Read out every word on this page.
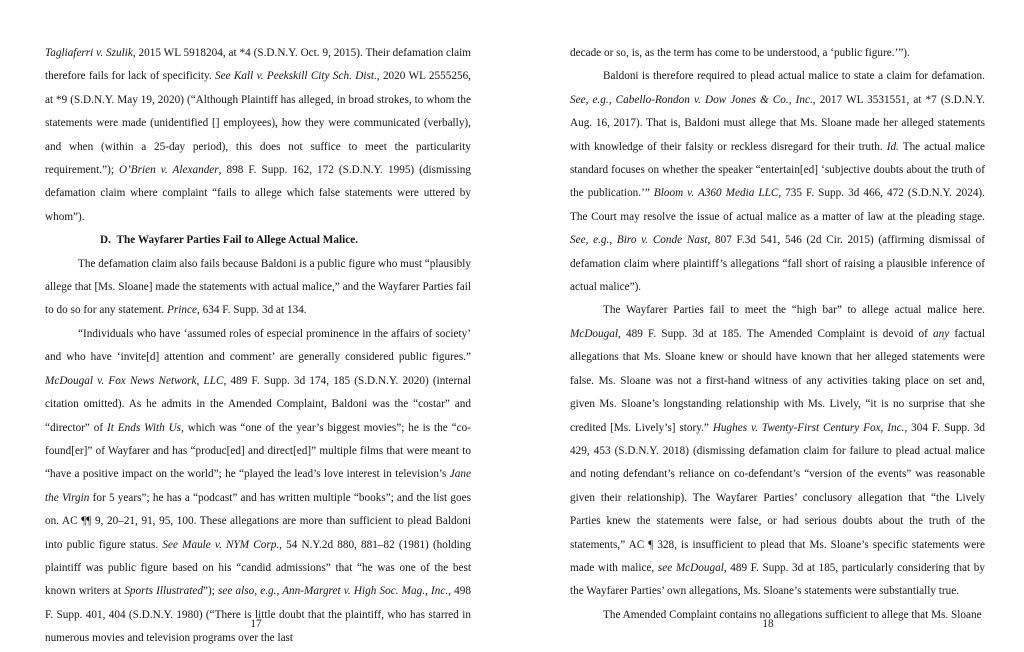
Tagliaferri v. Szulik, 2015 WL 5918204, at *4 (S.D.N.Y. Oct. 9, 2015). Their defamation claim therefore fails for lack of specificity. See Kall v. Peekskill City Sch. Dist., 2020 WL 2555256, at *9 (S.D.N.Y. May 19, 2020) (“Although Plaintiff has alleged, in broad strokes, to whom the statements were made (unidentified [] employees), how they were communicated (verbally), and when (within a 25-day period), this does not suffice to meet the particularity requirement.”); O’Brien v. Alexander, 898 F. Supp. 162, 172 (S.D.N.Y. 1995) (dismissing defamation claim where complaint “fails to allege which false statements were uttered by whom”).

D.  The Wayfarer Parties Fail to Allege Actual Malice.

The defamation claim also fails because Baldoni is a public figure who must “plausibly allege that [Ms. Sloane] made the statements with actual malice,” and the Wayfarer Parties fail to do so for any statement. Prince, 634 F. Supp. 3d at 134.

“Individuals who have ‘assumed roles of especial prominence in the affairs of society’ and who have ‘invite[d] attention and comment’ are generally considered public figures.” McDougal v. Fox News Network, LLC, 489 F. Supp. 3d 174, 185 (S.D.N.Y. 2020) (internal citation omitted). As he admits in the Amended Complaint, Baldoni was the “costar” and “director” of It Ends With Us, which was “one of the year’s biggest movies”; he is the “co-found[er]” of Wayfarer and has “produc[ed] and direct[ed]” multiple films that were meant to “have a positive impact on the world”; he “played the lead’s love interest in television’s Jane the Virgin for 5 years”; he has a “podcast” and has written multiple “books”; and the list goes on. AC ¶¶ 9, 20–21, 91, 95, 100. These allegations are more than sufficient to plead Baldoni into public figure status. See Maule v. NYM Corp., 54 N.Y.2d 880, 881–82 (1981) (holding plaintiff was public figure based on his “candid admissions” that “he was one of the best known writers at Sports Illustrated”); see also, e.g., Ann-Margret v. High Soc. Mag., Inc., 498 F. Supp. 401, 404 (S.D.N.Y. 1980) (“There is little doubt that the plaintiff, who has starred in numerous movies and television programs over the last

17

decade or so, is, as the term has come to be understood, a ‘public figure.’”).

Baldoni is therefore required to plead actual malice to state a claim for defamation. See, e.g., Cabello-Rondon v. Dow Jones & Co., Inc., 2017 WL 3531551, at *7 (S.D.N.Y. Aug. 16, 2017). That is, Baldoni must allege that Ms. Sloane made her alleged statements with knowledge of their falsity or reckless disregard for their truth. Id. The actual malice standard focuses on whether the speaker “entertain[ed] ‘subjective doubts about the truth of the publication.’” Bloom v. A360 Media LLC, 735 F. Supp. 3d 466, 472 (S.D.N.Y. 2024). The Court may resolve the issue of actual malice as a matter of law at the pleading stage. See, e.g., Biro v. Conde Nast, 807 F.3d 541, 546 (2d Cir. 2015) (affirming dismissal of defamation claim where plaintiff’s allegations “fall short of raising a plausible inference of actual malice”).

The Wayfarer Parties fail to meet the “high bar” to allege actual malice here. McDougal, 489 F. Supp. 3d at 185. The Amended Complaint is devoid of any factual allegations that Ms. Sloane knew or should have known that her alleged statements were false. Ms. Sloane was not a first-hand witness of any activities taking place on set and, given Ms. Sloane’s longstanding relationship with Ms. Lively, “it is no surprise that she credited [Ms. Lively’s] story.” Hughes v. Twenty-First Century Fox, Inc., 304 F. Supp. 3d 429, 453 (S.D.N.Y. 2018) (dismissing defamation claim for failure to plead actual malice and noting defendant’s reliance on co-defendant’s “version of the events” was reasonable given their relationship). The Wayfarer Parties’ conclusory allegation that “the Lively Parties knew the statements were false, or had serious doubts about the truth of the statements,” AC ¶ 328, is insufficient to plead that Ms. Sloane’s specific statements were made with malice, see McDougal, 489 F. Supp. 3d at 185, particularly considering that by the Wayfarer Parties’ own allegations, Ms. Sloane’s statements were substantially true.

The Amended Complaint contains no allegations sufficient to allege that Ms. Sloane

18
